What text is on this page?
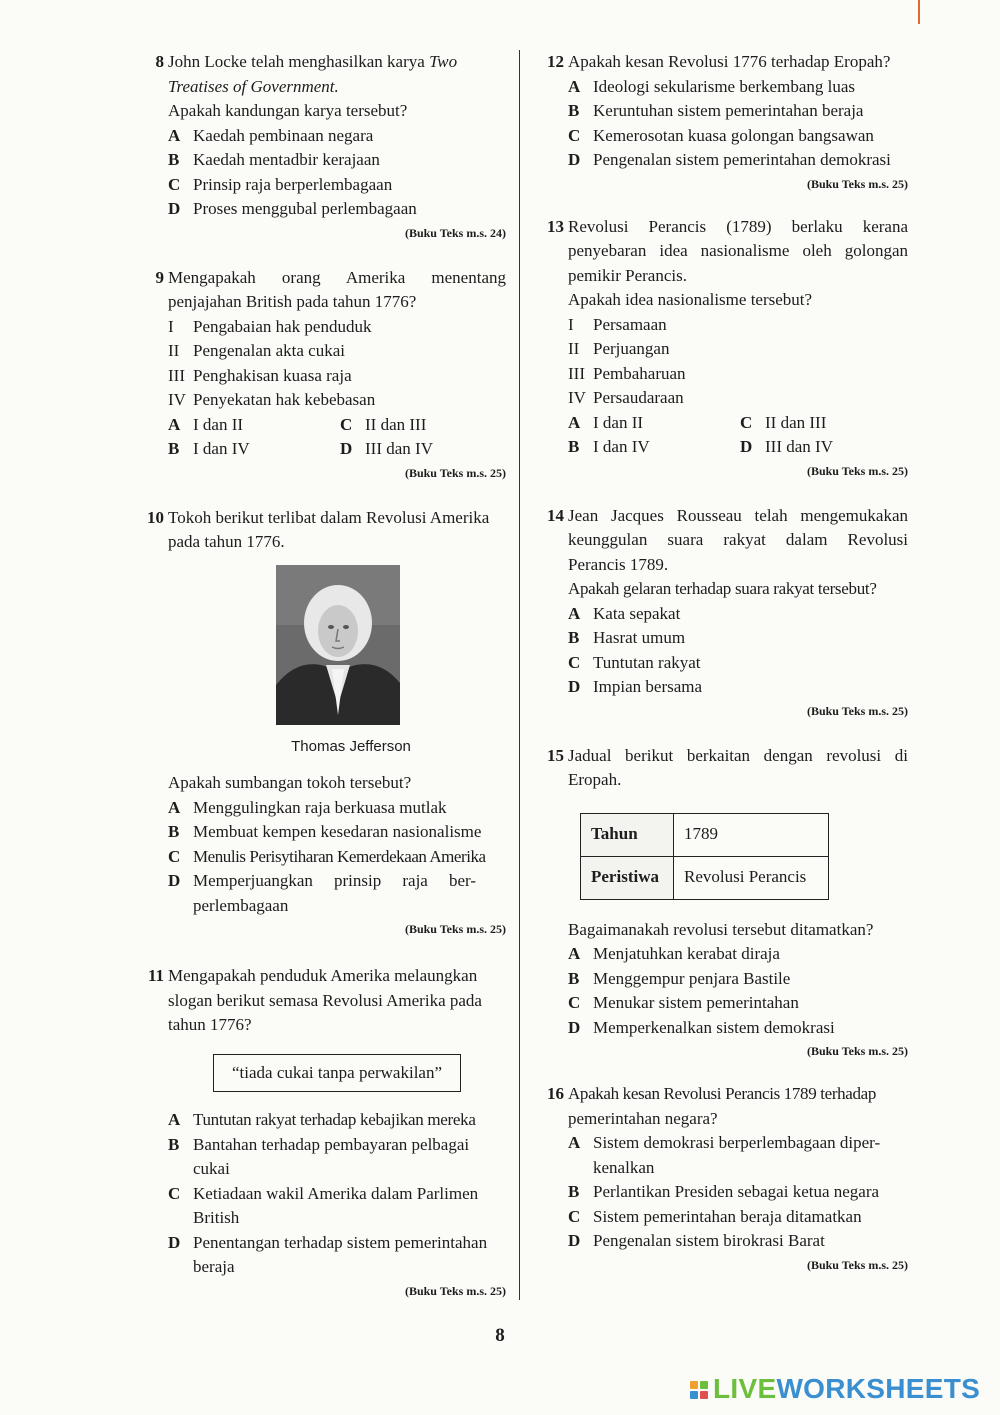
8 John Locke telah menghasilkan karya Two
Treatises of Government.
Apakah kandungan karya tersebut?
A Kaedah pembinaan negara
B Kaedah mentadbir kerajaan
C Prinsip raja berperlembagaan
D Proses menggubal perlembagaan
(Buku Teks m.s. 24)
9 Mengapakah orang Amerika menentang
penjajahan British pada tahun 1776?
I Pengabaian hak penduduk
II Pengenalan akta cukai
III Penghakisan kuasa raja
IV Penyekatan hak kebebasan
A I dan II	C II dan III
B I dan IV	D III dan IV
(Buku Teks m.s. 25)
10 Tokoh berikut terlibat dalam Revolusi Amerika
pada tahun 1776.
Thomas Jefferson
Apakah sumbangan tokoh tersebut?
A Menggulingkan raja berkuasa mutlak
B Membuat kempen kesedaran nasionalisme
C Menulis Perisytiharan Kemerdekaan Amerika
D Memperjuangkan prinsip raja ber-perlembagaan
(Buku Teks m.s. 25)
11 Mengapakah penduduk Amerika melaungkan
slogan berikut semasa Revolusi Amerika pada
tahun 1776?
“tiada cukai tanpa perwakilan”
A Tuntutan rakyat terhadap kebajikan mereka
B Bantahan terhadap pembayaran pelbagai cukai
C Ketiadaan wakil Amerika dalam Parlimen British
D Penentangan terhadap sistem pemerintahan beraja
(Buku Teks m.s. 25)
12 Apakah kesan Revolusi 1776 terhadap Eropah?
A Ideologi sekularisme berkembang luas
B Keruntuhan sistem pemerintahan beraja
C Kemerosotan kuasa golongan bangsawan
D Pengenalan sistem pemerintahan demokrasi
(Buku Teks m.s. 25)
13 Revolusi Perancis (1789) berlaku kerana
penyebaran idea nasionalisme oleh golongan
pemikir Perancis.
Apakah idea nasionalisme tersebut?
I Persamaan
II Perjuangan
III Pembaharuan
IV Persaudaraan
A I dan II	C II dan III
B I dan IV	D III dan IV
(Buku Teks m.s. 25)
14 Jean Jacques Rousseau telah mengemukakan
keunggulan suara rakyat dalam Revolusi
Perancis 1789.
Apakah gelaran terhadap suara rakyat tersebut?
A Kata sepakat
B Hasrat umum
C Tuntutan rakyat
D Impian bersama
(Buku Teks m.s. 25)
15 Jadual berikut berkaitan dengan revolusi di
Eropah.
Tahun	1789
Peristiwa	Revolusi Perancis
Bagaimanakah revolusi tersebut ditamatkan?
A Menjatuhkan kerabat diraja
B Menggempur penjara Bastile
C Menukar sistem pemerintahan
D Memperkenalkan sistem demokrasi
(Buku Teks m.s. 25)
16 Apakah kesan Revolusi Perancis 1789 terhadap
pemerintahan negara?
A Sistem demokrasi berperlembagaan diper-kenalkan
B Perlantikan Presiden sebagai ketua negara
C Sistem pemerintahan beraja ditamatkan
D Pengenalan sistem birokrasi Barat
(Buku Teks m.s. 25)
8
LIVE WORKSHEETS
